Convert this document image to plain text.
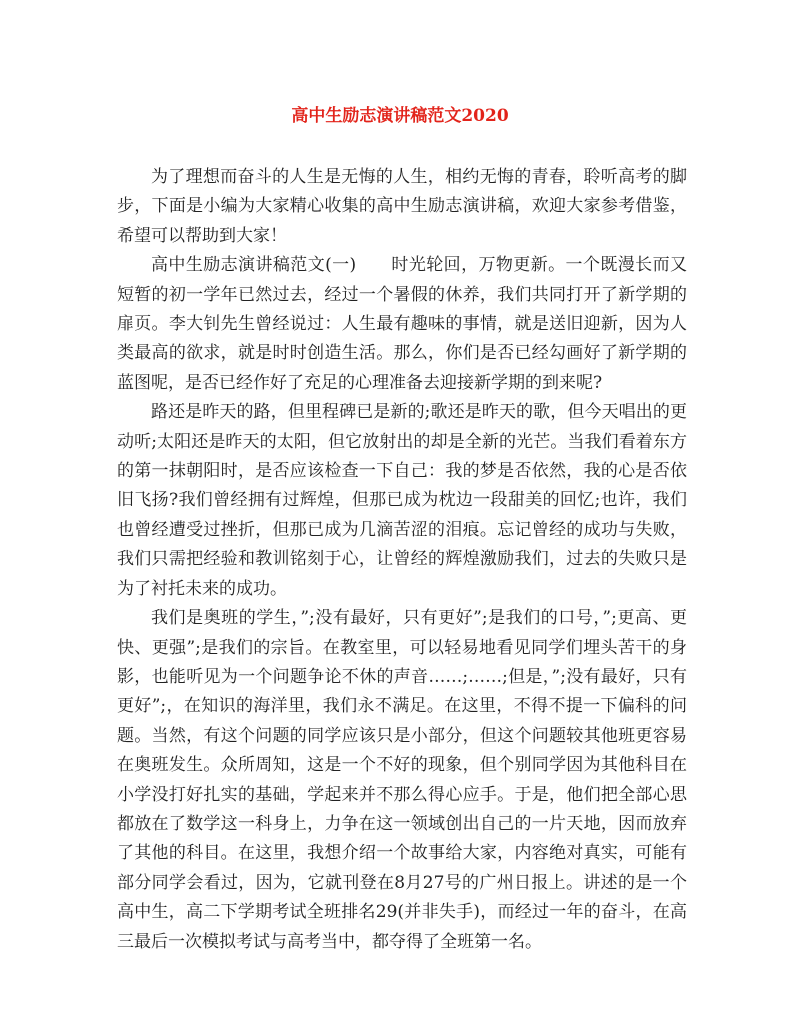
高中生励志演讲稿范文2020

为了理想而奋斗的人生是无悔的人生，相约无悔的青春，聆听高考的脚步，下面是小编为大家精心收集的高中生励志演讲稿，欢迎大家参考借鉴，希望可以帮助到大家！

高中生励志演讲稿范文(一)　　时光轮回，万物更新。一个既漫长而又短暂的初一学年已然过去，经过一个暑假的休养，我们共同打开了新学期的扉页。李大钊先生曾经说过：人生最有趣味的事情，就是送旧迎新，因为人类最高的欲求，就是时时创造生活。那么，你们是否已经勾画好了新学期的蓝图呢，是否已经作好了充足的心理准备去迎接新学期的到来呢?

路还是昨天的路，但里程碑已是新的;歌还是昨天的歌，但今天唱出的更动听;太阳还是昨天的太阳，但它放射出的却是全新的光芒。当我们看着东方的第一抹朝阳时，是否应该检查一下自己：我的梦是否依然，我的心是否依旧飞扬?我们曾经拥有过辉煌，但那已成为枕边一段甜美的回忆;也许，我们也曾经遭受过挫折，但那已成为几滴苦涩的泪痕。忘记曾经的成功与失败，我们只需把经验和教训铭刻于心，让曾经的辉煌激励我们，过去的失败只是为了衬托未来的成功。

我们是奥班的学生，”;没有最好，只有更好”;是我们的口号，”;更高、更快、更强”;是我们的宗旨。在教室里，可以轻易地看见同学们埋头苦干的身影，也能听见为一个问题争论不休的声音……;……;但是，”;没有最好，只有更好”;，在知识的海洋里，我们永不满足。在这里，不得不提一下偏科的问题。当然，有这个问题的同学应该只是小部分，但这个问题较其他班更容易在奥班发生。众所周知，这是一个不好的现象，但个别同学因为其他科目在小学没打好扎实的基础，学起来并不那么得心应手。于是，他们把全部心思都放在了数学这一科身上，力争在这一领域创出自己的一片天地，因而放弃了其他的科目。在这里，我想介绍一个故事给大家，内容绝对真实，可能有部分同学会看过，因为，它就刊登在8月27号的广州日报上。讲述的是一个高中生，高二下学期考试全班排名29(并非失手)，而经过一年的奋斗，在高三最后一次模拟考试与高考当中，都夺得了全班第一名。
